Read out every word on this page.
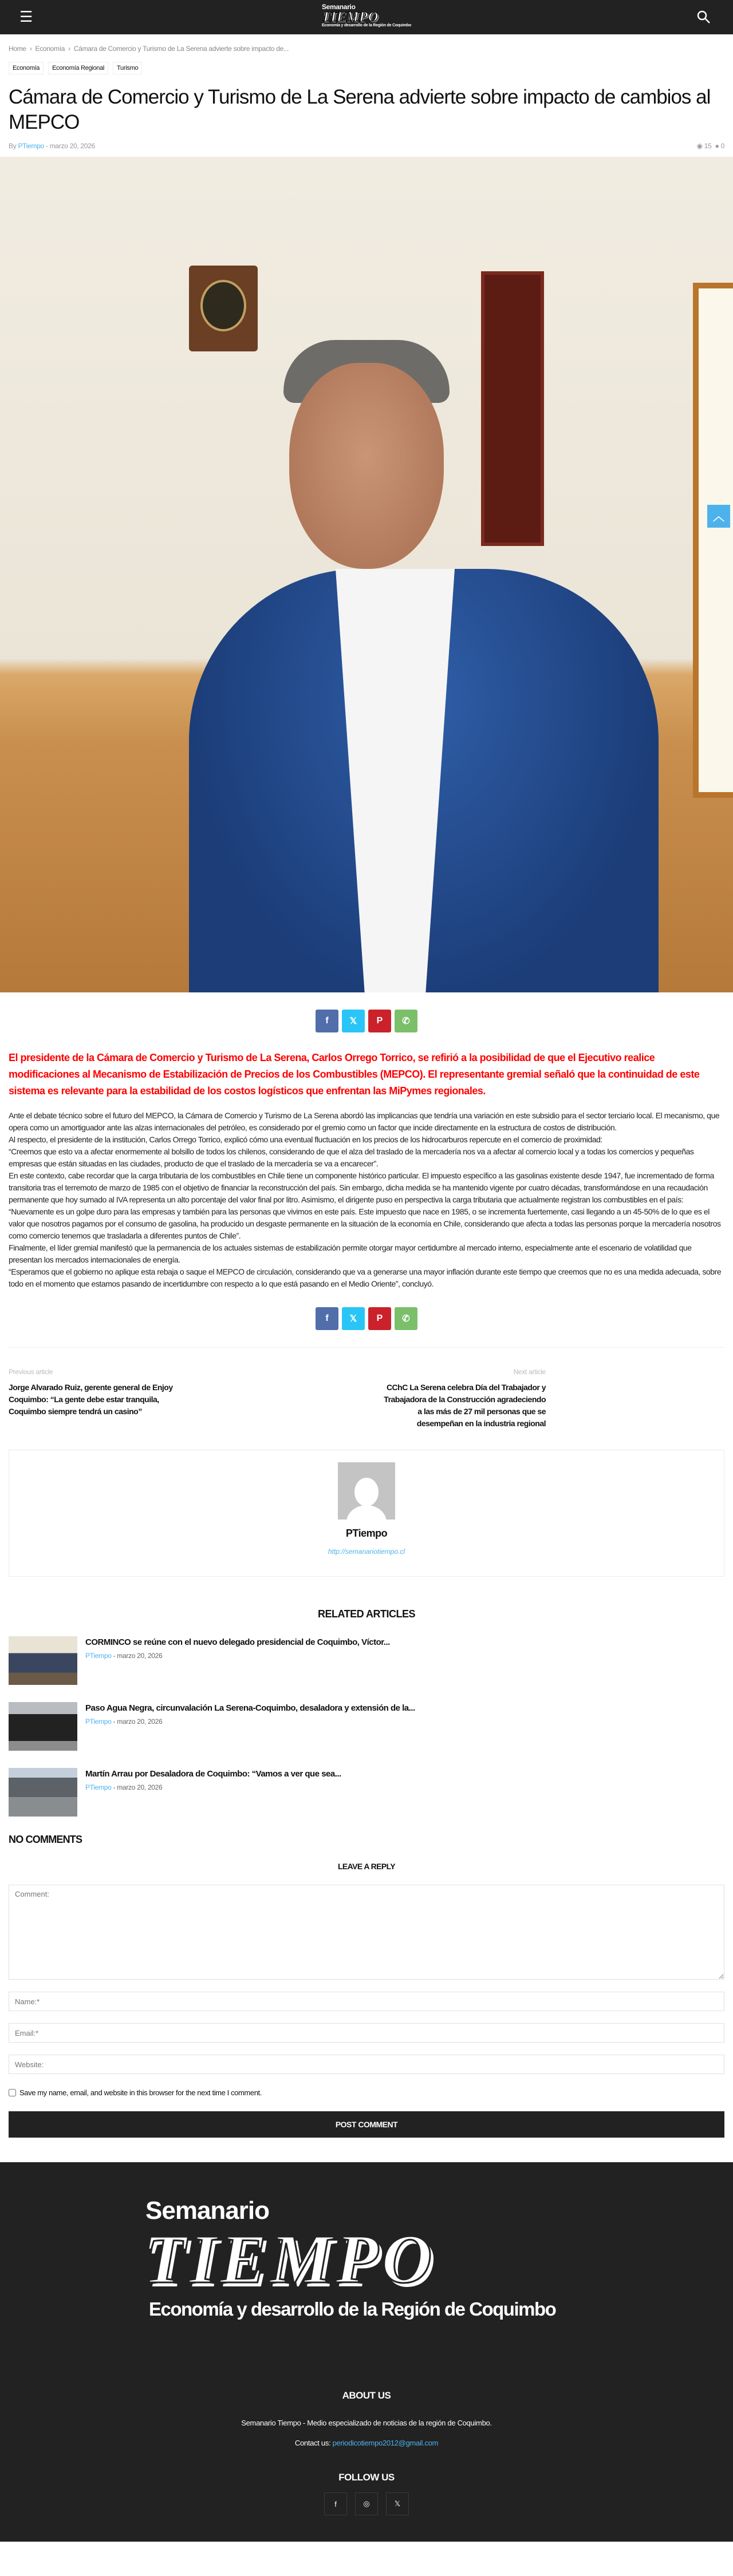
☰
Semanario
TIEMPO
Economía y desarrollo de la Región de Coquimbo
Home › Economía › Cámara de Comercio y Turismo de La Serena advierte sobre impacto de...
Economía	Economía Regional	Turismo
Cámara de Comercio y Turismo de La Serena advierte sobre impacto de cambios al MEPCO
By PTiempo - marzo 20, 2026	◉ 15 ● 0
︿
f 𝕏 P ✆
El presidente de la Cámara de Comercio y Turismo de La Serena, Carlos Orrego Torrico, se refirió a la posibilidad de que el Ejecutivo realice modificaciones al Mecanismo de Estabilización de Precios de los Combustibles (MEPCO). El representante gremial señaló que la continuidad de este sistema es relevante para la estabilidad de los costos logísticos que enfrentan las MiPymes regionales.

Ante el debate técnico sobre el futuro del MEPCO, la Cámara de Comercio y Turismo de La Serena abordó las implicancias que tendría una variación en este subsidio para el sector terciario local. El mecanismo, que opera como un amortiguador ante las alzas internacionales del petróleo, es considerado por el gremio como un factor que incide directamente en la estructura de costos de distribución.

Al respecto, el presidente de la institución, Carlos Orrego Torrico, explicó cómo una eventual fluctuación en los precios de los hidrocarburos repercute en el comercio de proximidad:

“Creemos que esto va a afectar enormemente al bolsillo de todos los chilenos, considerando de que el alza del traslado de la mercadería nos va a afectar al comercio local y a todas los comercios y pequeñas empresas que están situadas en las ciudades, producto de que el traslado de la mercadería se va a encarecer”.

En este contexto, cabe recordar que la carga tributaria de los combustibles en Chile tiene un componente histórico particular. El impuesto específico a las gasolinas existente desde 1947, fue incrementado de forma transitoria tras el terremoto de marzo de 1985 con el objetivo de financiar la reconstrucción del país. Sin embargo, dicha medida se ha mantenido vigente por cuatro décadas, transformándose en una recaudación permanente que hoy sumado al IVA representa un alto porcentaje del valor final por litro. Asimismo, el dirigente puso en perspectiva la carga tributaria que actualmente registran los combustibles en el país:

“Nuevamente es un golpe duro para las empresas y también para las personas que vivimos en este país. Este impuesto que nace en 1985, o se incrementa fuertemente, casi llegando a un 45-50% de lo que es el valor que nosotros pagamos por el consumo de gasolina, ha producido un desgaste permanente en la situación de la economía en Chile, considerando que afecta a todas las personas porque la mercadería nosotros como comercio tenemos que trasladarla a diferentes puntos de Chile”.

Finalmente, el líder gremial manifestó que la permanencia de los actuales sistemas de estabilización permite otorgar mayor certidumbre al mercado interno, especialmente ante el escenario de volatilidad que presentan los mercados internacionales de energía.

“Esperamos que el gobierno no aplique esta rebaja o saque el MEPCO de circulación, considerando que va a generarse una mayor inflación durante este tiempo que creemos que no es una medida adecuada, sobre todo en el momento que estamos pasando de incertidumbre con respecto a lo que está pasando en el Medio Oriente”, concluyó.

f 𝕏 P ✆
Previous article
Jorge Alvarado Ruiz, gerente general de Enjoy Coquimbo: “La gente debe estar tranquila, Coquimbo siempre tendrá un casino”
Next article
CChC La Serena celebra Día del Trabajador y Trabajadora de la Construcción agradeciendo a las más de 27 mil personas que se desempeñan en la industria regional
PTiempo
http://semanariotiempo.cl
RELATED ARTICLES
CORMINCO se reúne con el nuevo delegado presidencial de Coquimbo, Víctor...
PTiempo - marzo 20, 2026
Paso Agua Negra, circunvalación La Serena-Coquimbo, desaladora y extensión de la...
PTiempo - marzo 20, 2026
Martín Arrau por Desaladora de Coquimbo: “Vamos a ver que sea...
PTiempo - marzo 20, 2026
NO COMMENTS
LEAVE A REPLY
Comment:
Name:*
Email:*
Website:
Save my name, email, and website in this browser for the next time I comment.
POST COMMENT
Semanario
TIEMPO
Economía y desarrollo de la Región de Coquimbo
ABOUT US
Semanario Tiempo - Medio especializado de noticias de la región de Coquimbo.
Contact us: periodicotiempo2012@gmail.com
FOLLOW US
f	◎	𝕏
